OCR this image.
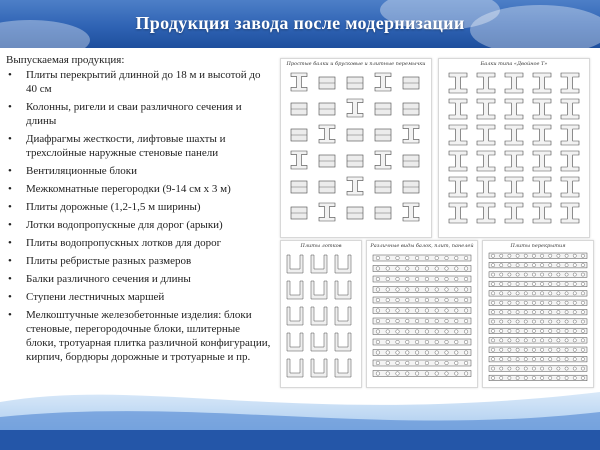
Продукция завода после модернизации
Выпускаемая продукция:
• Плиты перекрытий длинной до 18 м и высотой до 40 см
• Колонны, ригели и сваи различного сечения и длины
• Диафрагмы жесткости, лифтовые шахты и трехслойные наружные стеновые панели
• Вентиляционные блоки
• Межкомнатные перегородки (9-14 см х 3 м)
• Плиты дорожные (1,2-1,5 м ширины)
• Лотки водопропускные для дорог (арыки)
• Плиты водопропускных лотков для дорог
• Плиты ребристые разных размеров
• Балки различного сечения и длины
• Ступени лестничных маршей
• Мелкоштучные железобетонные изделия: блоки стеновые, перегородочные блоки, шлитерные блоки, тротуарная плитка различной конфигурации, кирпич, бордюры дорожные и тротуарные и пр.
Простые балки и брусковые и плитные перемычки	Балки типа «Двойное Т»
Плиты лотков	Различные виды балок, плит, панелей	Плиты перекрытия
